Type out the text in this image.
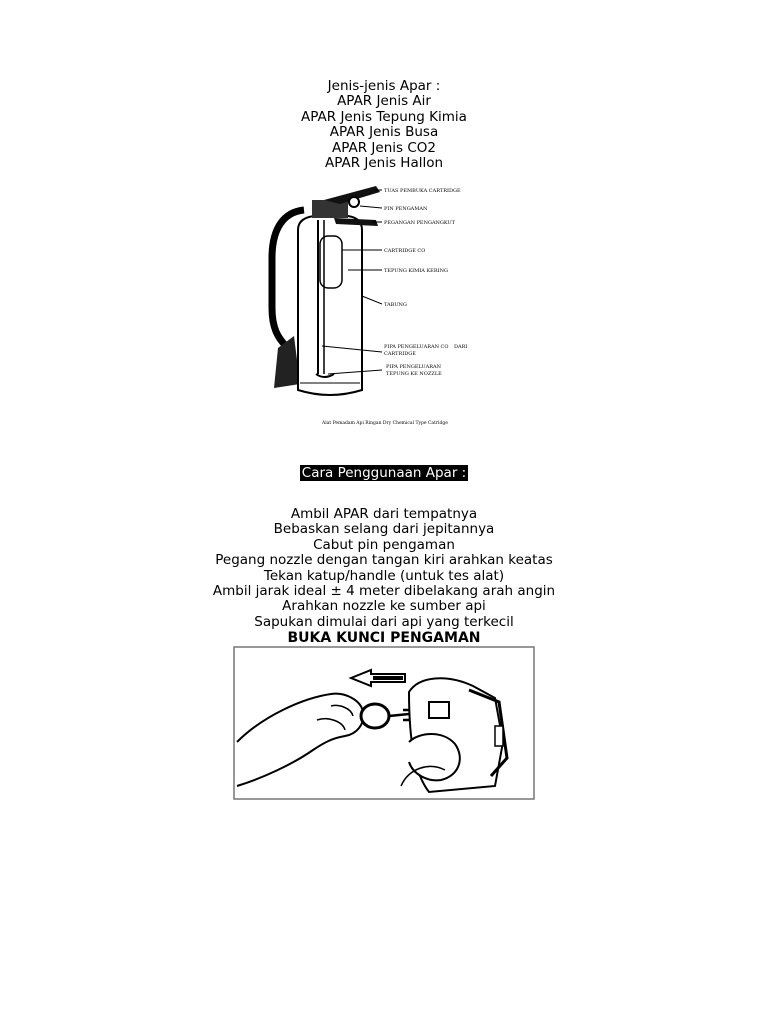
Jenis-jenis Apar :
APAR Jenis Air
APAR Jenis Tepung Kimia
APAR Jenis Busa
APAR Jenis CO2
APAR Jenis Hallon
TUAS PEMBUKA CARTRIDGE
PIN PENGAMAN
PEGANGAN PENGANGKUT
CARTRIDGE CO
TEPUNG KIMIA KERING
TABUNG
PIPA PENGELUARAN CO DARI
CARTRIDGE
PIPA PENGELUARAN
TEPUNG KE NOZZLE
Alat Pemadam Api Ringan Dry Chemical Type Catridge
Cara Penggunaan Apar :
Ambil APAR dari tempatnya
Bebaskan selang dari jepitannya
Cabut pin pengaman
Pegang nozzle dengan tangan kiri arahkan keatas
Tekan katup/handle (untuk tes alat)
Ambil jarak ideal ± 4 meter dibelakang arah angin
Arahkan nozzle ke sumber api
Sapukan dimulai dari api yang terkecil
BUKA KUNCI PENGAMAN
